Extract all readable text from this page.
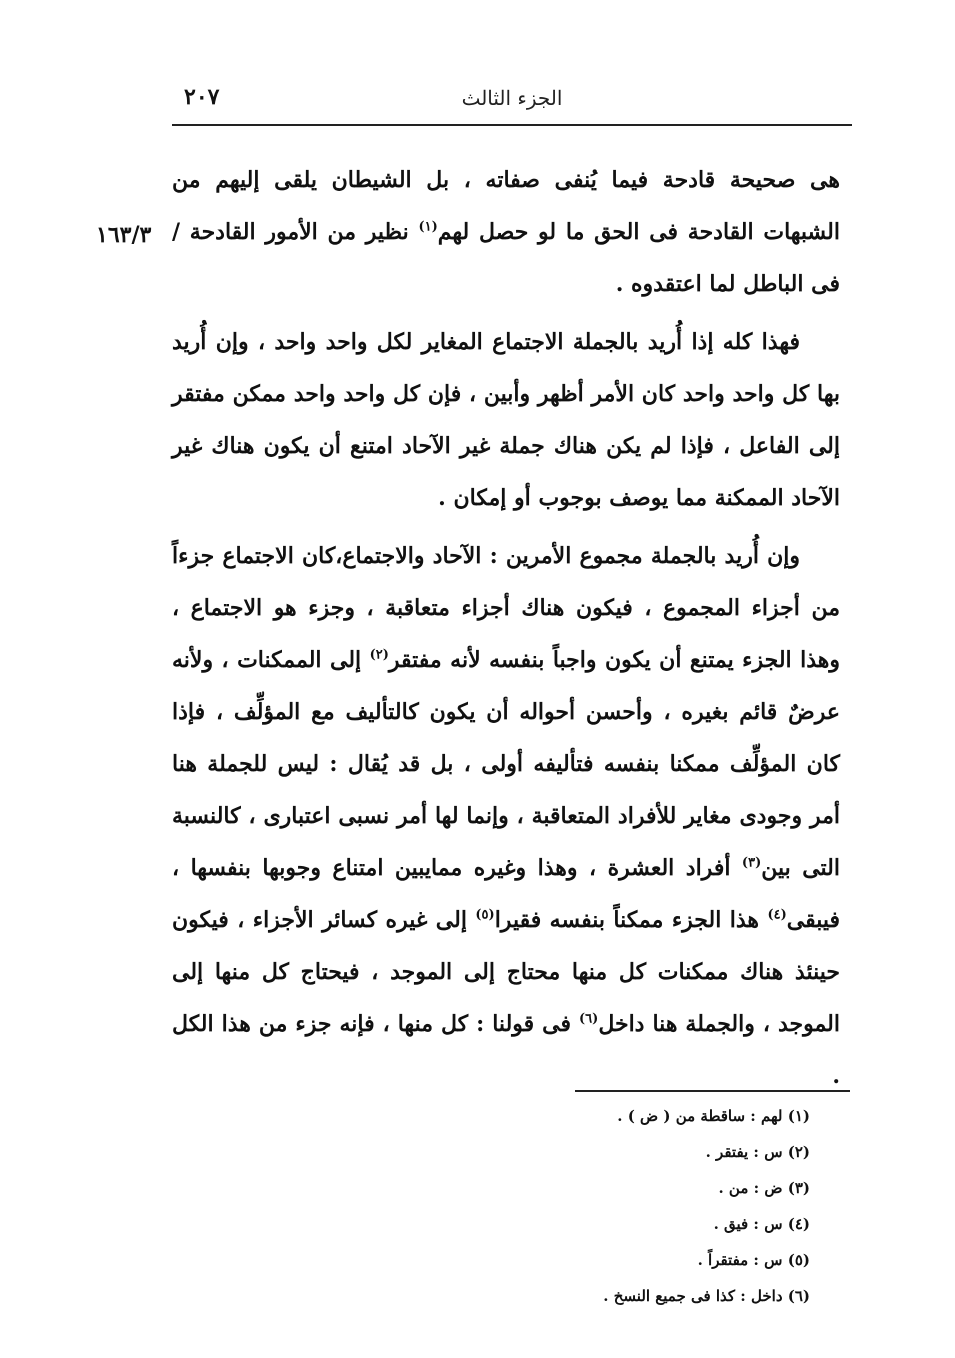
الجزء الثالث
٢٠٧
١٦٣/٣

هى صحيحة قادحة فيما يُنفى صفاته ، بل الشيطان يلقى إليهم من الشبهات القادحة فى الحق ما لو حصل لهم$^{(١)}$ نظير من الأمور القادحة / فى الباطل لما اعتقدوه .

فهذا كله إذا أُريد بالجملة الاجتماع المغاير لكل واحد واحد ، وإن أُريد بها كل واحد واحد كان الأمر أظهر وأبين ، فإن كل واحد واحد ممكن مفتقر إلى الفاعل ، فإذا لم يكن هناك جملة غير الآحاد امتنع أن يكون هناك غير الآحاد الممكنة مما يوصف بوجوب أو إمكان .

وإن أُريد بالجملة مجموع الأمرين : الآحاد والاجتماع،كان الاجتماع جزءاً من أجزاء المجموع ، فيكون هناك أجزاء متعاقبة ، وجزء هو الاجتماع ، وهذا الجزء يمتنع أن يكون واجباً بنفسه لأنه مفتقر$^{(٢)}$ إلى الممكنات ، ولأنه عرضٌ قائم بغيره ، وأحسن أحواله أن يكون كالتأليف مع المؤلِّف ، فإذا كان المؤلِّف ممكنا بنفسه فتأليفه أولى ، بل قد يُقال : ليس للجملة هنا أمر وجودى مغاير للأفراد المتعاقبة ، وإنما لها أمر نسبى اعتبارى ، كالنسبة التى بين$^{(٣)}$ أفراد العشرة ، وهذا وغيره ممايبين امتناع وجوبها بنفسها ، فيبقى$^{(٤)}$ هذا الجزء ممكناً بنفسه فقيرا$^{(٥)}$ إلى غيره كسائر الأجزاء ، فيكون حينئذ هناك ممكنات كل منها محتاج إلى الموجد ، فيحتاج كل منها إلى الموجد ، والجملة هنا داخل$^{(٦)}$ فى قولنا : كل منها ، فإنه جزء من هذا الكل .

(١) لهم : ساقطة من ( ض ) .
(٢) س : يفتقر .
(٣) ض : من .
(٤) س : فيق .
(٥) س : مفتقراً .
(٦) داخل : كذا فى جميع النسخ .
